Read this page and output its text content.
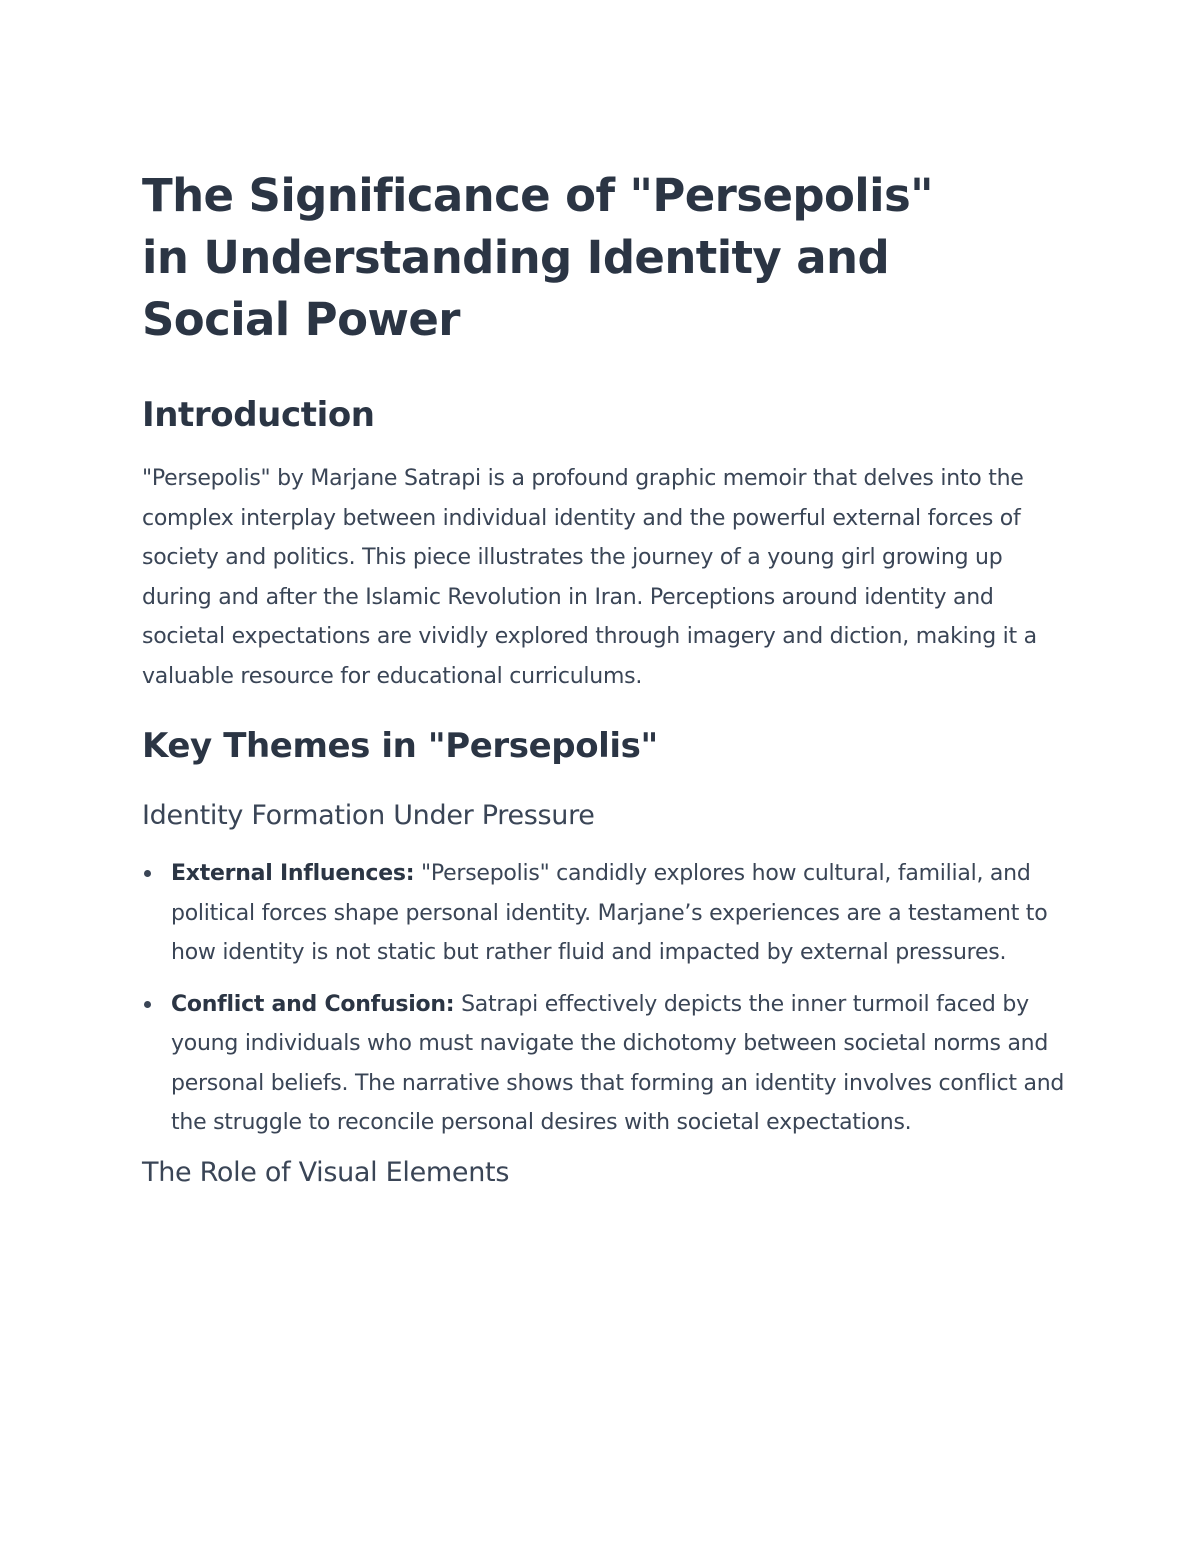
The Significance of "Persepolis" in Understanding Identity and Social Power
Introduction

"Persepolis" by Marjane Satrapi is a profound graphic memoir that delves into the complex interplay between individual identity and the powerful external forces of society and politics. This piece illustrates the journey of a young girl growing up during and after the Islamic Revolution in Iran. Perceptions around identity and societal expectations are vividly explored through imagery and diction, making it a valuable resource for educational curriculums.

Key Themes in "Persepolis"
Identity Formation Under Pressure
External Influences: "Persepolis" candidly explores how cultural, familial, and political forces shape personal identity. Marjane’s experiences are a testament to how identity is not static but rather fluid and impacted by external pressures.
Conflict and Confusion: Satrapi effectively depicts the inner turmoil faced by young individuals who must navigate the dichotomy between societal norms and personal beliefs. The narrative shows that forming an identity involves conflict and the struggle to reconcile personal desires with societal expectations.
The Role of Visual Elements
